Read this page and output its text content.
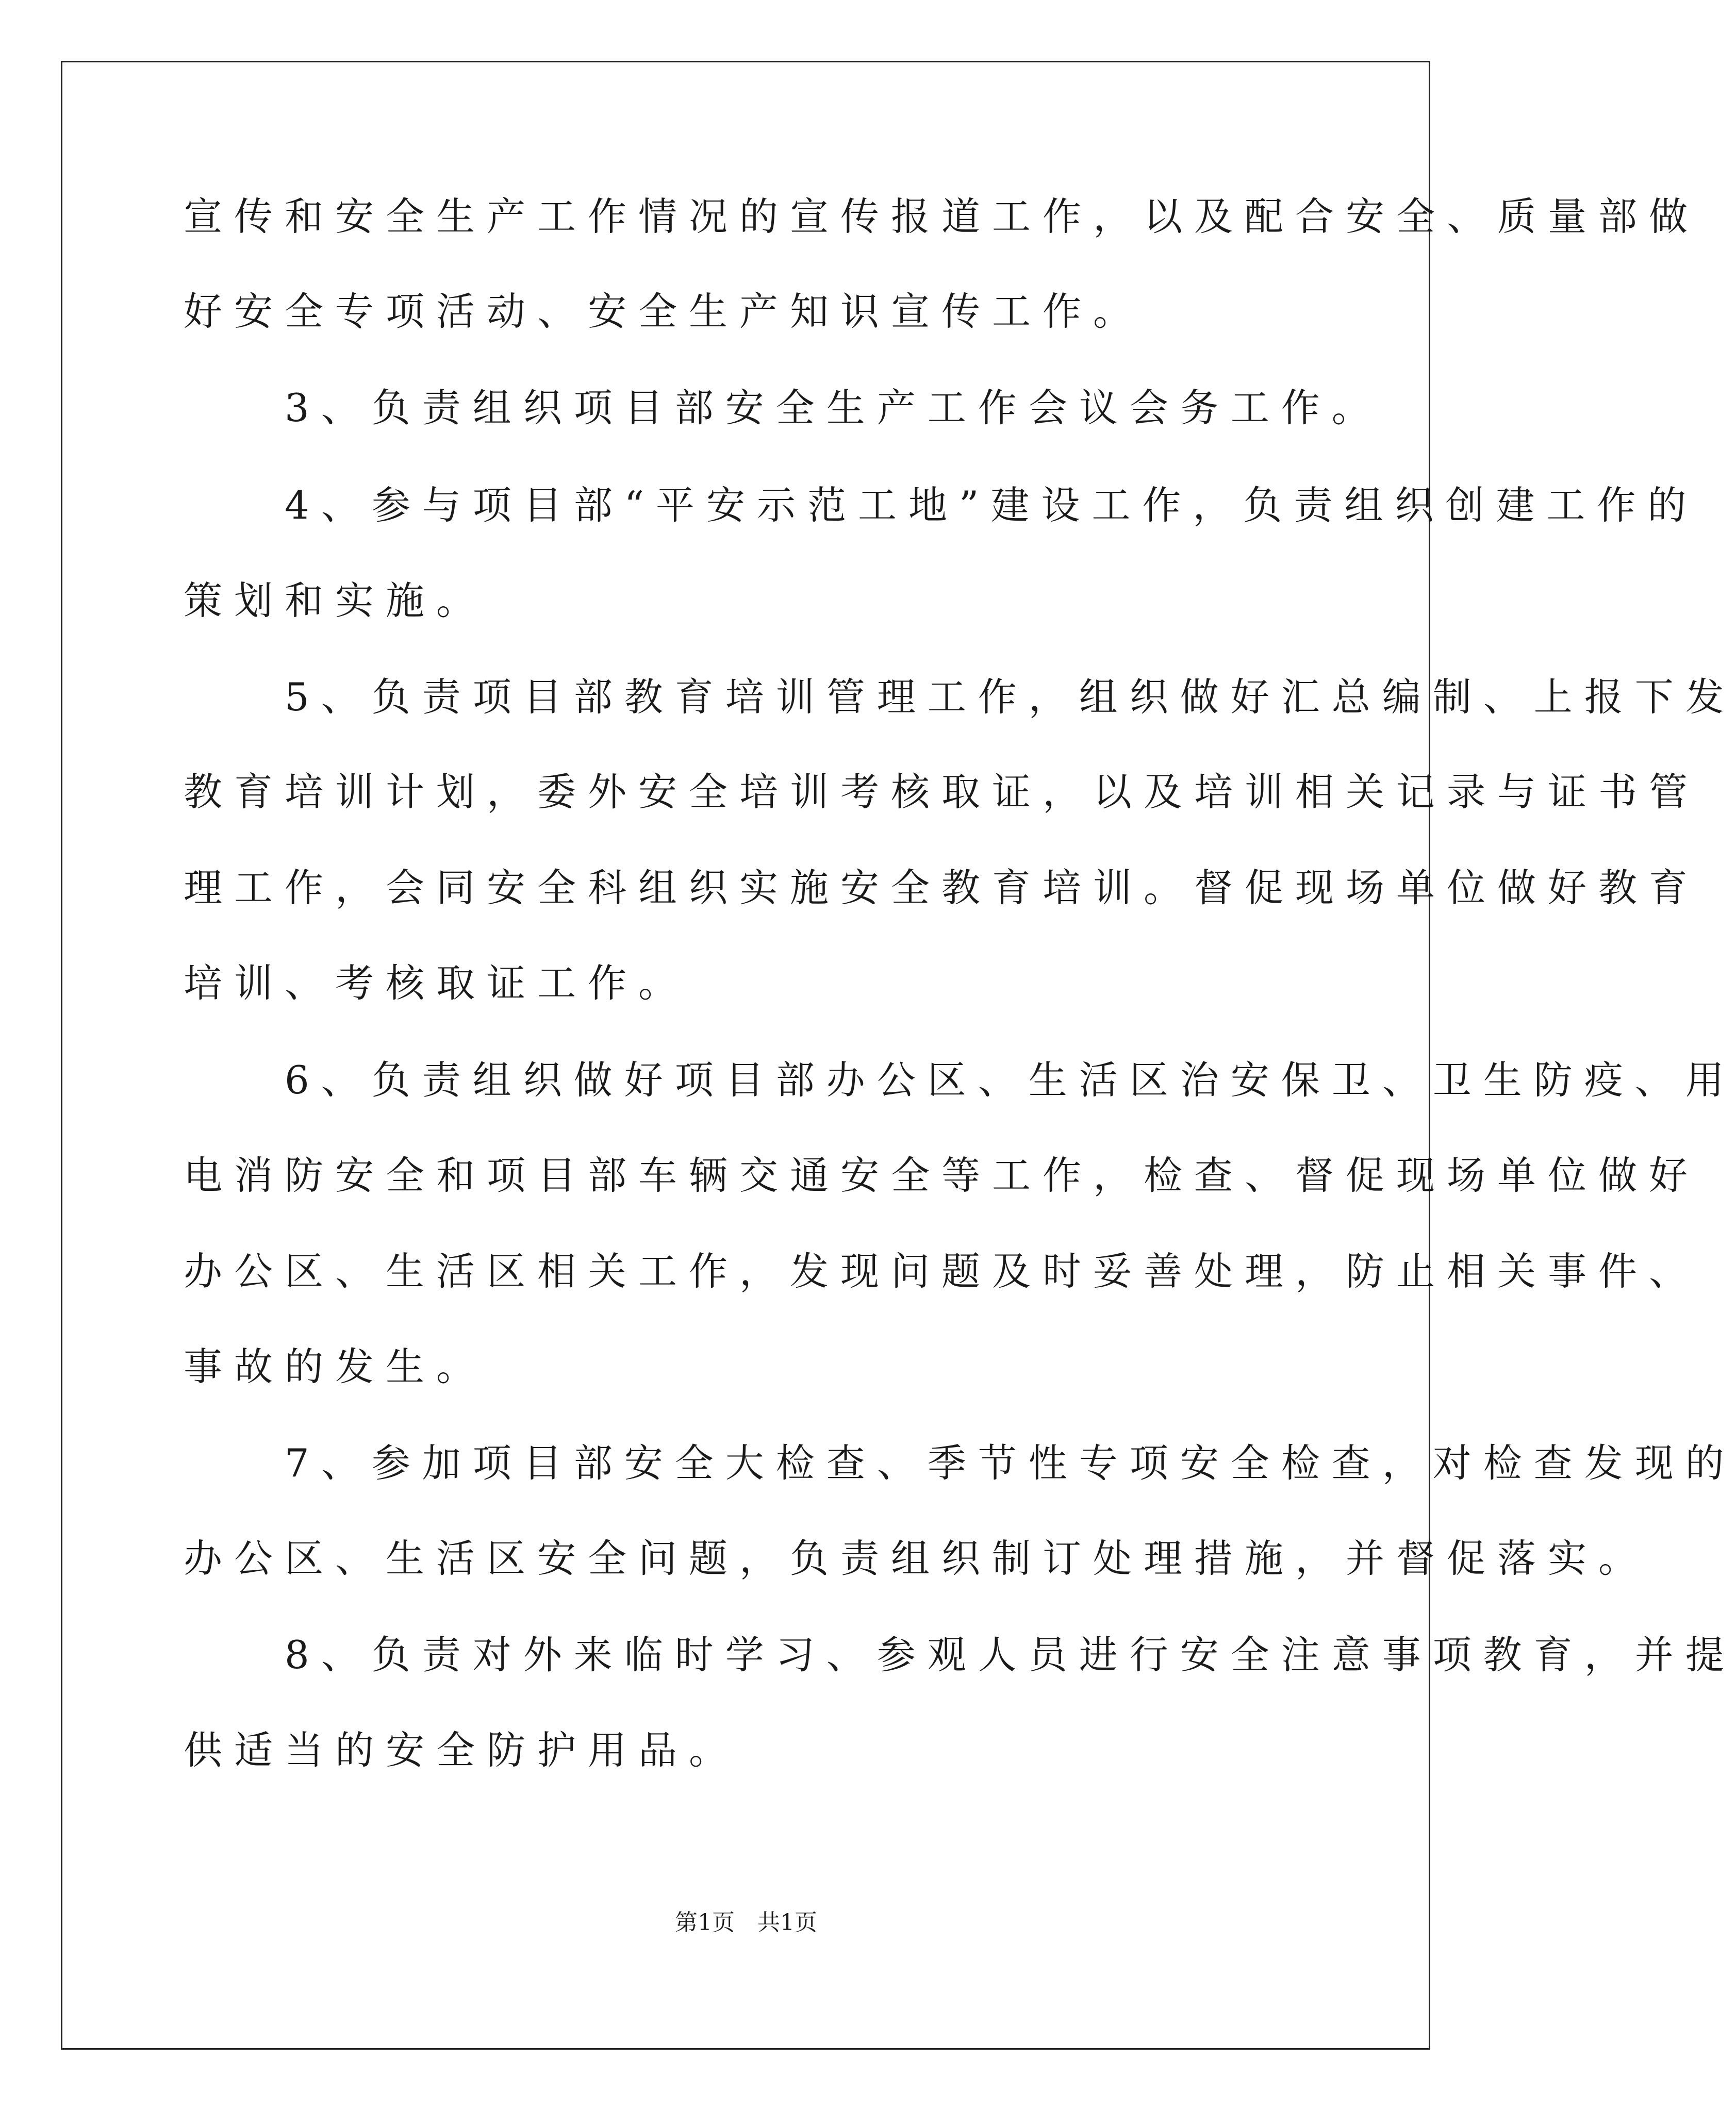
宣传和安全生产工作情况的宣传报道工作，以及配合安全、质量部做
好安全专项活动、安全生产知识宣传工作。
　　3、负责组织项目部安全生产工作会议会务工作。
　　4、参与项目部“平安示范工地”建设工作，负责组织创建工作的
策划和实施。
　　5、负责项目部教育培训管理工作，组织做好汇总编制、上报下发
教育培训计划，委外安全培训考核取证，以及培训相关记录与证书管
理工作，会同安全科组织实施安全教育培训。督促现场单位做好教育
培训、考核取证工作。
　　6、负责组织做好项目部办公区、生活区治安保卫、卫生防疫、用
电消防安全和项目部车辆交通安全等工作，检查、督促现场单位做好
办公区、生活区相关工作，发现问题及时妥善处理，防止相关事件、
事故的发生。
　　7、参加项目部安全大检查、季节性专项安全检查，对检查发现的
办公区、生活区安全问题，负责组织制订处理措施，并督促落实。
　　8、负责对外来临时学习、参观人员进行安全注意事项教育，并提
供适当的安全防护用品。
第1页　共1页
